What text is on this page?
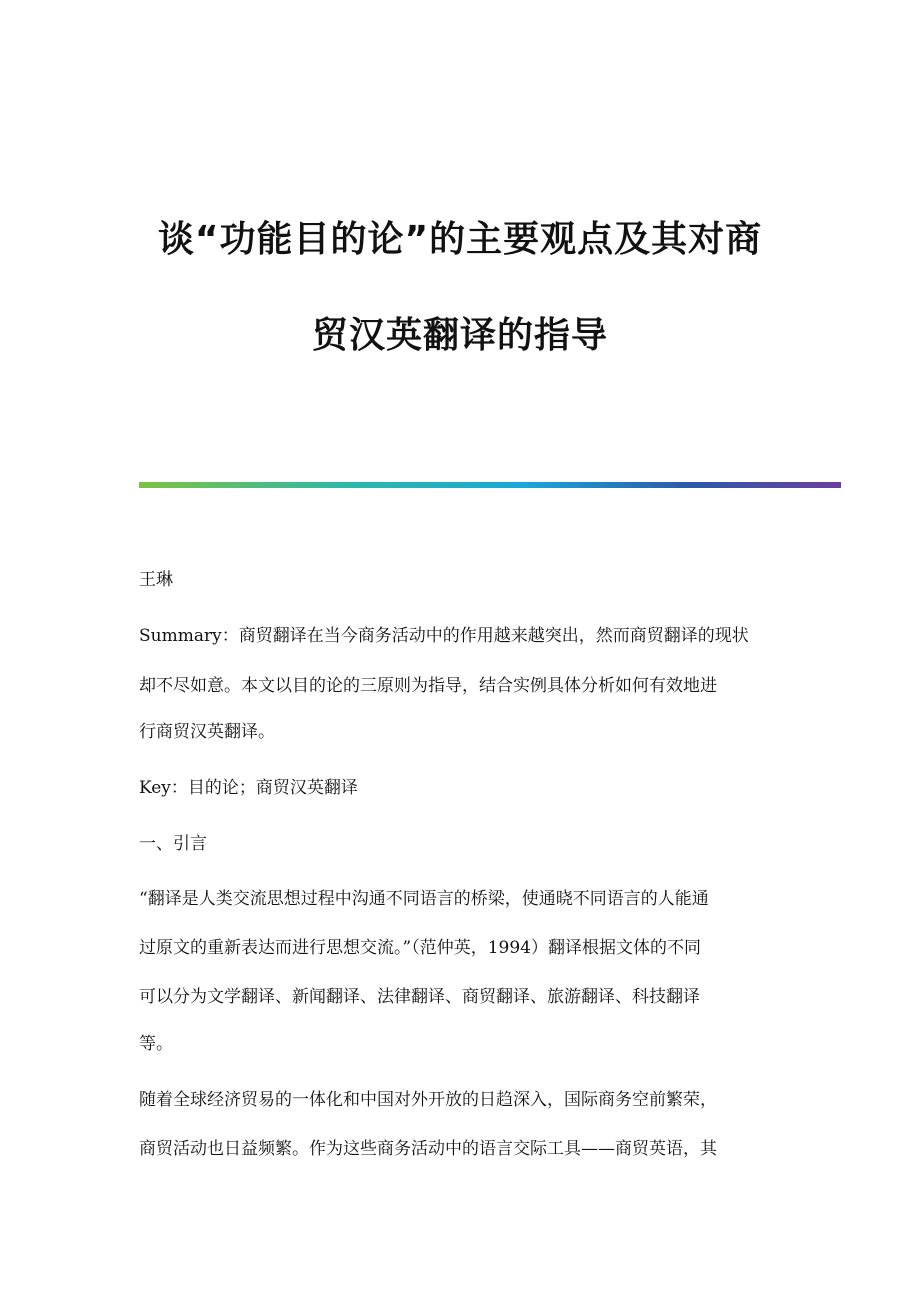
谈“功能目的论”的主要观点及其对商
贸汉英翻译的指导
王琳
Summary：商贸翻译在当今商务活动中的作用越来越突出，然而商贸翻译的现状
却不尽如意。本文以目的论的三原则为指导，结合实例具体分析如何有效地进
行商贸汉英翻译。
Key：目的论；商贸汉英翻译
一、引言
“翻译是人类交流思想过程中沟通不同语言的桥梁，使通晓不同语言的人能通
过原文的重新表达而进行思想交流。”（范仲英，1994）翻译根据文体的不同
可以分为文学翻译、新闻翻译、法律翻译、商贸翻译、旅游翻译、科技翻译
等。
随着全球经济贸易的一体化和中国对外开放的日趋深入，国际商务空前繁荣，
商贸活动也日益频繁。作为这些商务活动中的语言交际工具——商贸英语，其
